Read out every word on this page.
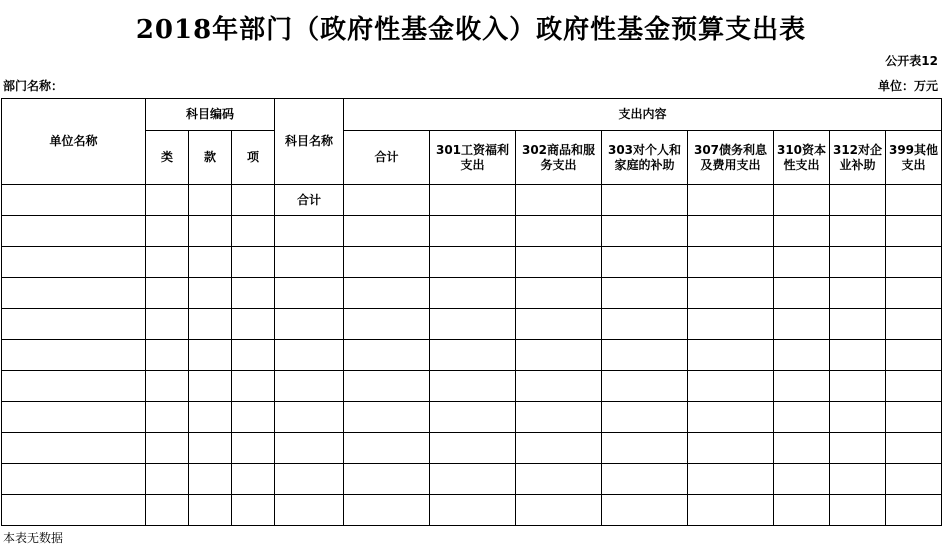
2018年部门（政府性基金收入）政府性基金预算支出表
公开表12
部门名称：	单位：万元
单位名称	科目编码			科目名称	支出内容							
	类	款	项		合计	301工资福利支出	302商品和服务支出	303对个人和家庭的补助	307债务利息及费用支出	310资本性支出	312对企业补助	399其他支出

				合计								

本表无数据
